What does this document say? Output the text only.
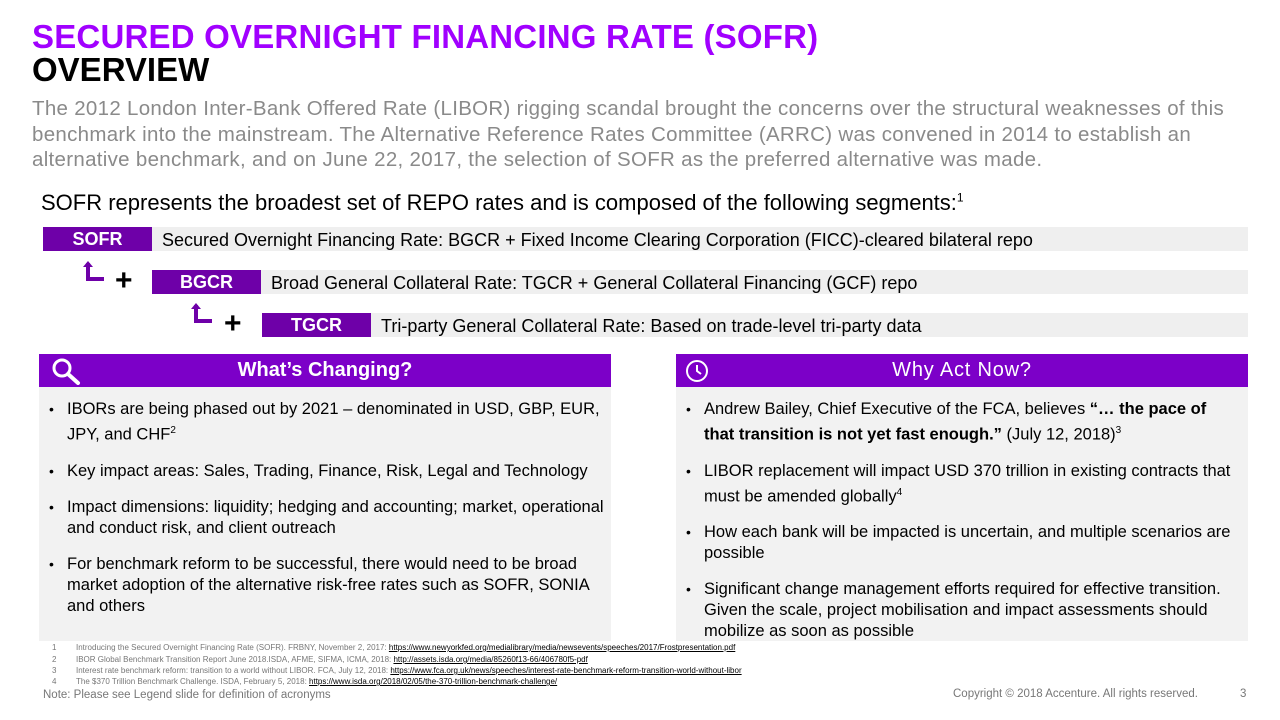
SECURED OVERNIGHT FINANCING RATE (SOFR)
OVERVIEW
The 2012 London Inter-Bank Offered Rate (LIBOR) rigging scandal brought the concerns over the structural weaknesses of this benchmark into the mainstream. The Alternative Reference Rates Committee (ARRC) was convened in 2014 to establish an alternative benchmark, and on June 22, 2017, the selection of SOFR as the preferred alternative was made.
SOFR represents the broadest set of REPO rates and is composed of the following segments:$^1$
SOFR	Secured Overnight Financing Rate: BGCR + Fixed Income Clearing Corporation (FICC)-cleared bilateral repo
+	BGCR	Broad General Collateral Rate: TGCR + General Collateral Financing (GCF) repo
+	TGCR	Tri-party General Collateral Rate: Based on trade-level tri-party data
What’s Changing?
• IBORs are being phased out by 2021 – denominated in USD, GBP, EUR, JPY, and CHF$^2$
• Key impact areas: Sales, Trading, Finance, Risk, Legal and Technology
• Impact dimensions: liquidity; hedging and accounting; market, operational and conduct risk, and client outreach
• For benchmark reform to be successful, there would need to be broad market adoption of the alternative risk-free rates such as SOFR, SONIA and others
Why Act Now?
• Andrew Bailey, Chief Executive of the FCA, believes “… the pace of that transition is not yet fast enough.” (July 12, 2018)$^3$
• LIBOR replacement will impact USD 370 trillion in existing contracts that must be amended globally$^4$
• How each bank will be impacted is uncertain, and multiple scenarios are possible
• Significant change management efforts required for effective transition. Given the scale, project mobilisation and impact assessments should mobilize as soon as possible
1 Introducing the Secured Overnight Financing Rate (SOFR). FRBNY, November 2, 2017: https://www.newyorkfed.org/medialibrary/media/newsevents/speeches/2017/Frostpresentation.pdf
2 IBOR Global Benchmark Transition Report June 2018.ISDA, AFME, SIFMA, ICMA, 2018: http://assets.isda.org/media/85260f13-66/406780f5-pdf
3 Interest rate benchmark reform: transition to a world without LIBOR. FCA, July 12, 2018: https://www.fca.org.uk/news/speeches/interest-rate-benchmark-reform-transition-world-without-libor
4 The $370 Trillion Benchmark Challenge. ISDA, February 5, 2018: https://www.isda.org/2018/02/05/the-370-trillion-benchmark-challenge/
Note: Please see Legend slide for definition of acronyms	Copyright © 2018 Accenture. All rights reserved.	3
